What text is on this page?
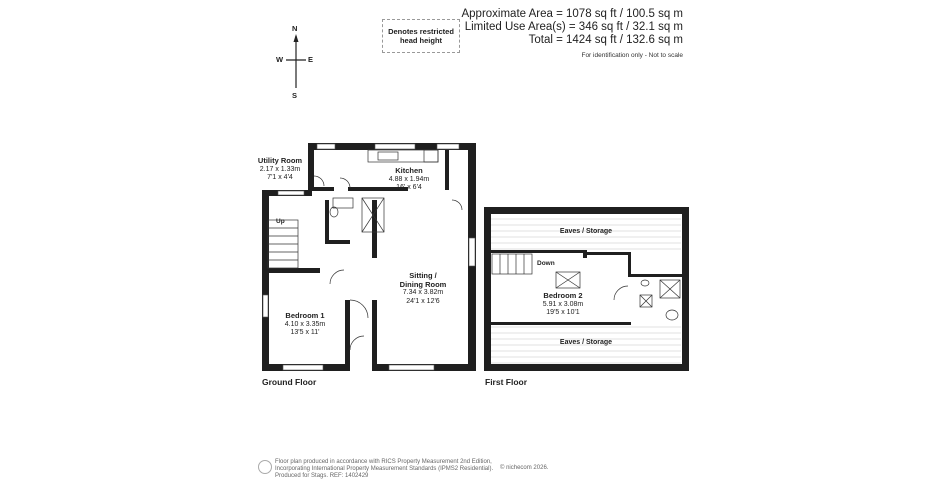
Approximate Area = 1078 sq ft / 100.5 sq m
Limited Use Area(s) = 346 sq ft / 32.1 sq m
Total = 1424 sq ft / 132.6 sq m
For identification only - Not to scale
Denotes restricted
head height
N
S
W	E
Utility Room
2.17 x 1.33m
7'1 x 4'4
Kitchen
4.88 x 1.94m
16' x 6'4
Sitting /
Dining Room
7.34 x 3.82m
24'1 x 12'6
Bedroom 1
4.10 x 3.35m
13'5 x 11'
Up
Ground Floor
Eaves / Storage
Down
Bedroom 2
5.91 x 3.08m
19'5 x 10'1
Eaves / Storage
First Floor
Floor plan produced in accordance with RICS Property Measurement 2nd Edition,
Incorporating International Property Measurement Standards (IPMS2 Residential).
Produced for Stags. REF: 1402429
© nichecom 2026.
